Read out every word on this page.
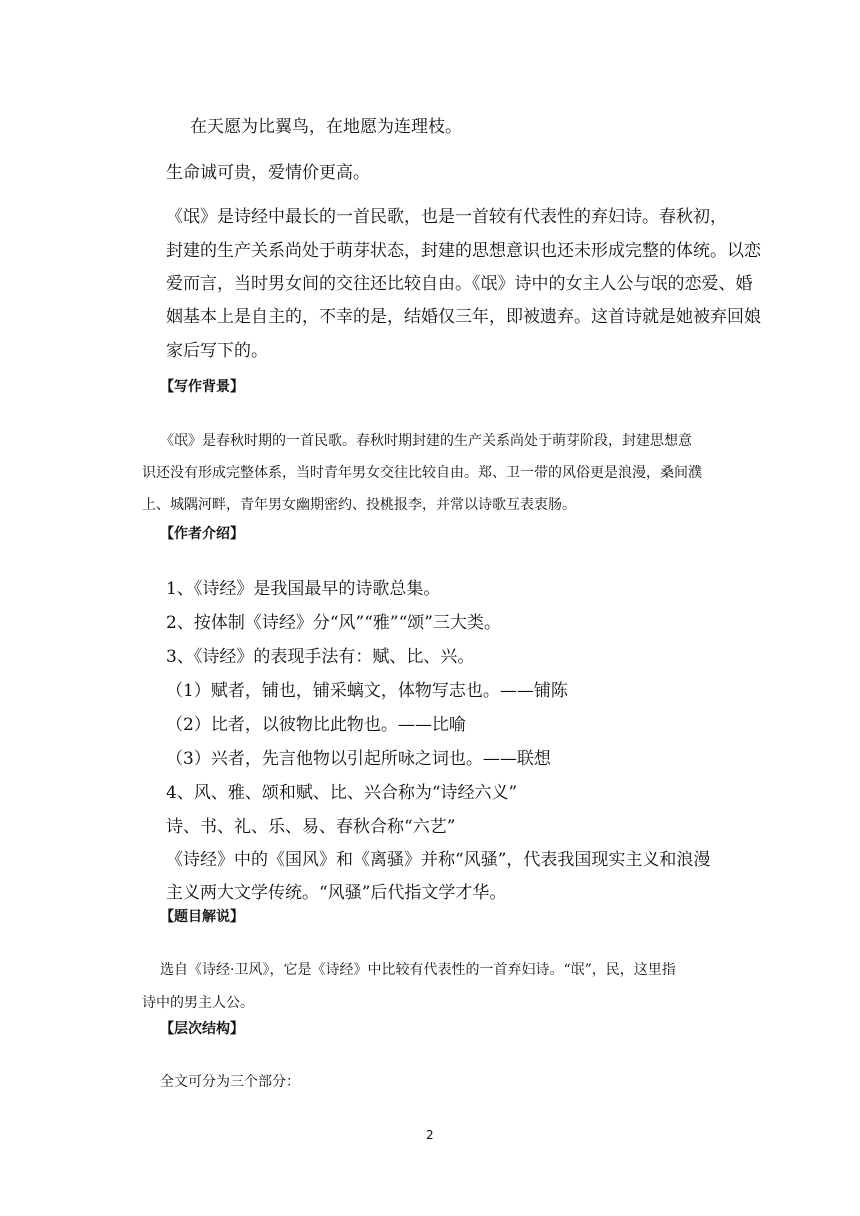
在天愿为比翼鸟，在地愿为连理枝。
生命诚可贵，爱情价更高。
《氓》是诗经中最长的一首民歌，也是一首较有代表性的弃妇诗。春秋初，
封建的生产关系尚处于萌芽状态，封建的思想意识也还未形成完整的体统。以恋
爱而言，当时男女间的交往还比较自由。《氓》诗中的女主人公与氓的恋爱、婚
姻基本上是自主的，不幸的是，结婚仅三年，即被遗弃。这首诗就是她被弃回娘
家后写下的。
【写作背景】
《氓》是春秋时期的一首民歌。春秋时期封建的生产关系尚处于萌芽阶段，封建思想意
识还没有形成完整体系，当时青年男女交往比较自由。郑、卫一带的风俗更是浪漫，桑间濮
上、城隅河畔，青年男女幽期密约、投桃报李，并常以诗歌互表衷肠。
【作者介绍】
1、《诗经》是我国最早的诗歌总集。
2、按体制《诗经》分“风”“雅”“颂”三大类。
3、《诗经》的表现手法有：赋、比、兴。
（1）赋者，铺也，铺采螭文，体物写志也。——铺陈
（2）比者，以彼物比此物也。——比喻
（3）兴者，先言他物以引起所咏之词也。——联想
4、风、雅、颂和赋、比、兴合称为“诗经六义”
诗、书、礼、乐、易、春秋合称“六艺”
《诗经》中的《国风》和《离骚》并称“风骚”，代表我国现实主义和浪漫
主义两大文学传统。“风骚”后代指文学才华。
【题目解说】
选自《诗经·卫风》，它是《诗经》中比较有代表性的一首弃妇诗。“氓”，民，这里指
诗中的男主人公。
【层次结构】
全文可分为三个部分：
2
